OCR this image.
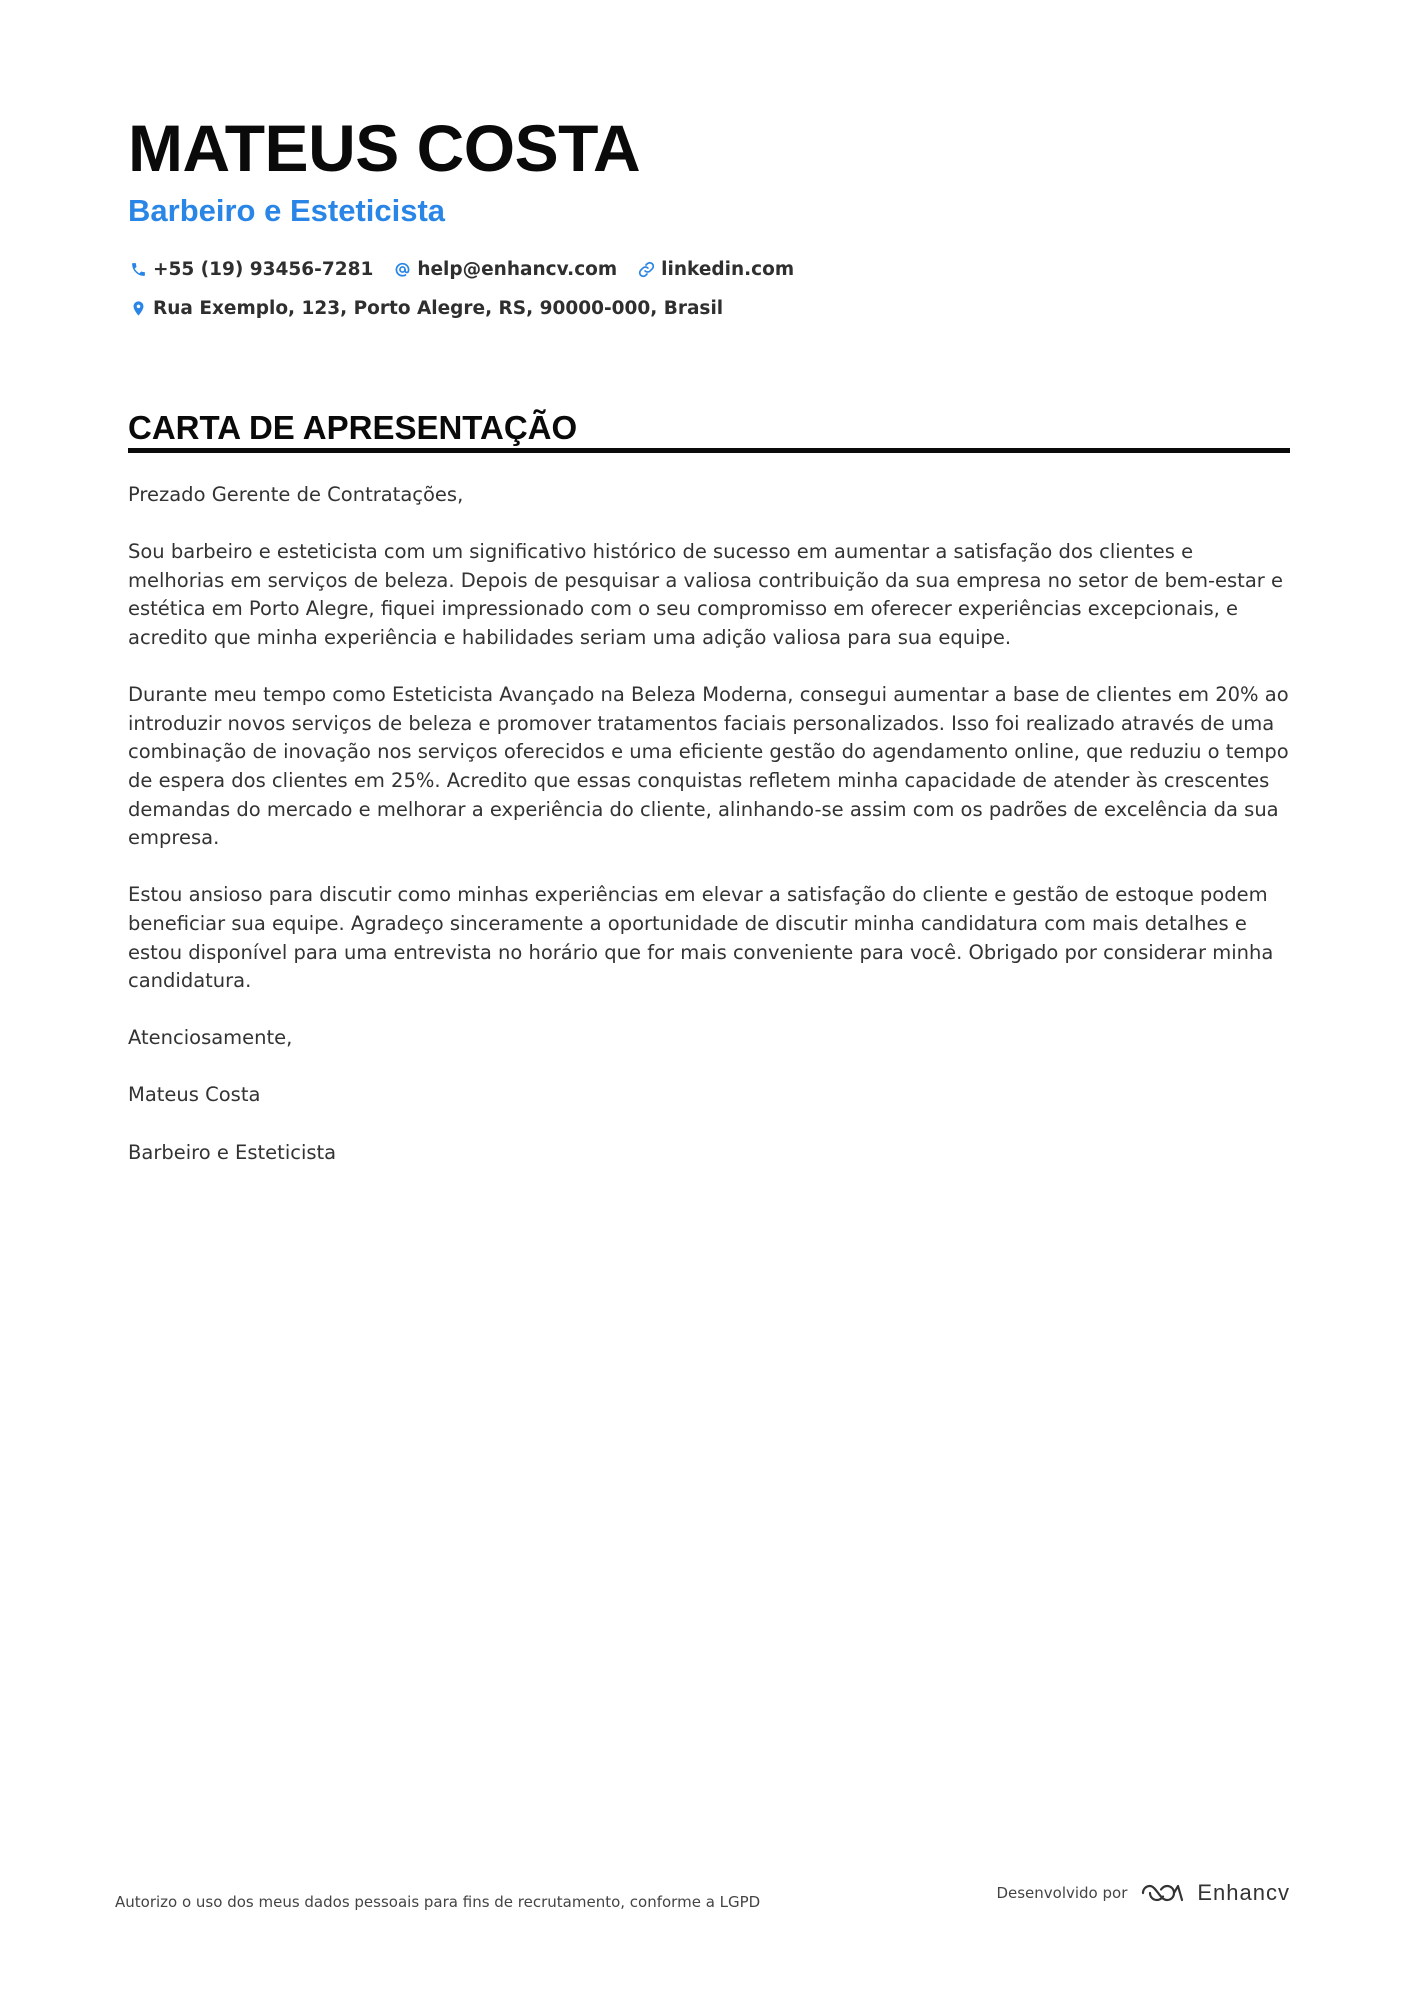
MATEUS COSTA
Barbeiro e Esteticista
+55 (19) 93456-7281 help@enhancv.com linkedin.com
Rua Exemplo, 123, Porto Alegre, RS, 90000-000, Brasil
CARTA DE APRESENTAÇÃO

Prezado Gerente de Contratações,

Sou barbeiro e esteticista com um significativo histórico de sucesso em aumentar a satisfação dos clientes e melhorias em serviços de beleza. Depois de pesquisar a valiosa contribuição da sua empresa no setor de bem-estar e estética em Porto Alegre, fiquei impressionado com o seu compromisso em oferecer experiências excepcionais, e acredito que minha experiência e habilidades seriam uma adição valiosa para sua equipe.

Durante meu tempo como Esteticista Avançado na Beleza Moderna, consegui aumentar a base de clientes em 20% ao introduzir novos serviços de beleza e promover tratamentos faciais personalizados. Isso foi realizado através de uma combinação de inovação nos serviços oferecidos e uma eficiente gestão do agendamento online, que reduziu o tempo de espera dos clientes em 25%. Acredito que essas conquistas refletem minha capacidade de atender às crescentes demandas do mercado e melhorar a experiência do cliente, alinhando-se assim com os padrões de excelência da sua empresa.

Estou ansioso para discutir como minhas experiências em elevar a satisfação do cliente e gestão de estoque podem beneficiar sua equipe. Agradeço sinceramente a oportunidade de discutir minha candidatura com mais detalhes e estou disponível para uma entrevista no horário que for mais conveniente para você. Obrigado por considerar minha candidatura.

Atenciosamente,

Mateus Costa

Barbeiro e Esteticista

Autorizo o uso dos meus dados pessoais para fins de recrutamento, conforme a LGPD	Desenvolvido por	Enhancv
